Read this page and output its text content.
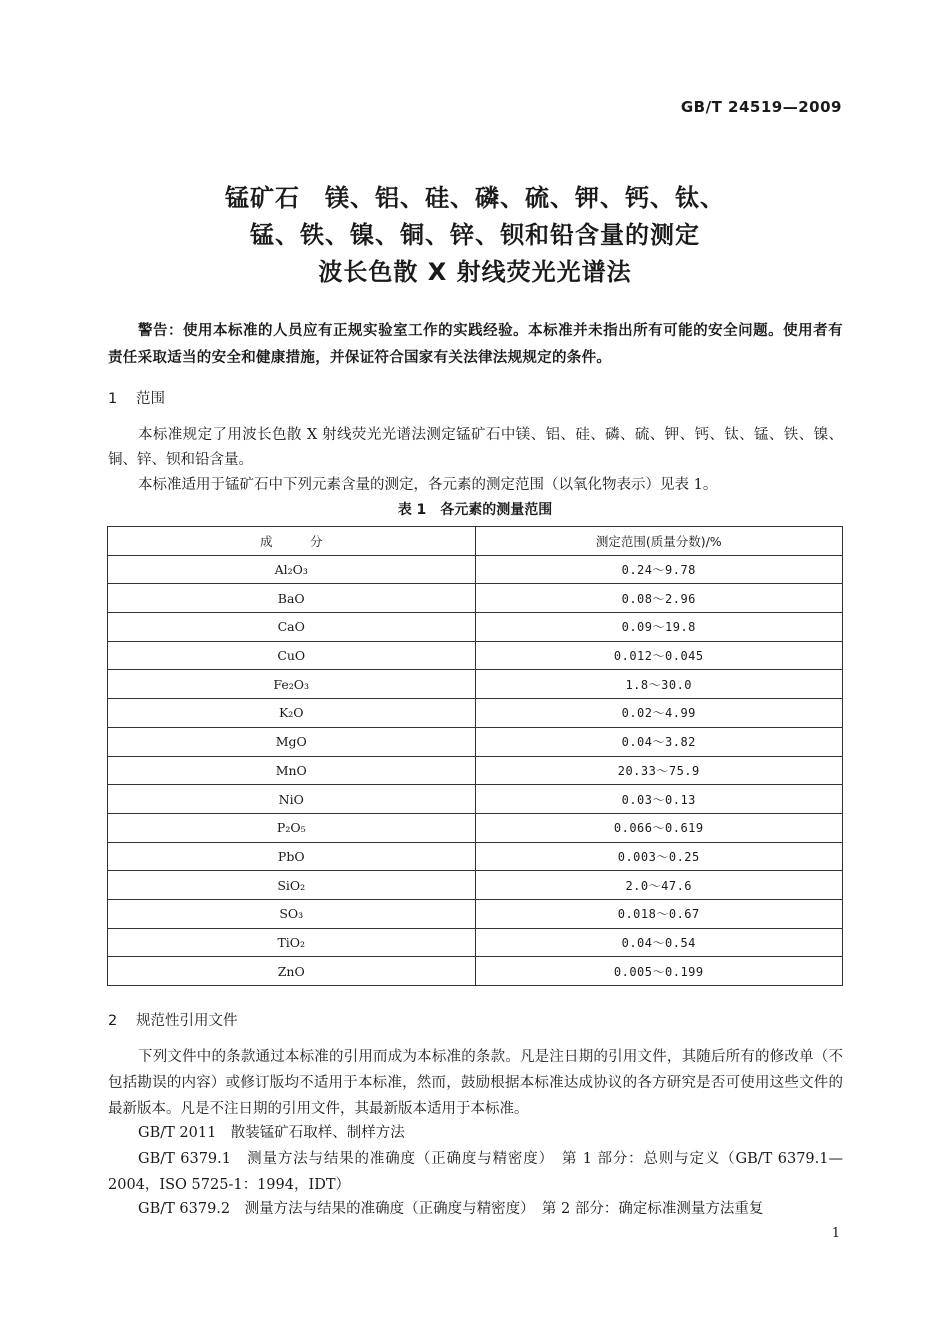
GB/T 24519—2009
锰矿石　镁、铝、硅、磷、硫、钾、钙、钛、
锰、铁、镍、铜、锌、钡和铅含量的测定
波长色散 X 射线荧光光谱法
警告：使用本标准的人员应有正规实验室工作的实践经验。本标准并未指出所有可能的安全问题。使用者有责任采取适当的安全和健康措施，并保证符合国家有关法律法规规定的条件。
1 范围
本标准规定了用波长色散 X 射线荧光光谱法测定锰矿石中镁、铝、硅、磷、硫、钾、钙、钛、锰、铁、镍、铜、锌、钡和铅含量。
本标准适用于锰矿石中下列元素含量的测定，各元素的测定范围（以氧化物表示）见表 1。
表 1　各元素的测量范围
成　　　分	测定范围(质量分数)/%
Al₂O₃	0.24～9.78
BaO	0.08～2.96
CaO	0.09～19.8
CuO	0.012～0.045
Fe₂O₃	1.8～30.0
K₂O	0.02～4.99
MgO	0.04～3.82
MnO	20.33～75.9
NiO	0.03～0.13
P₂O₅	0.066～0.619
PbO	0.003～0.25
SiO₂	2.0～47.6
SO₃	0.018～0.67
TiO₂	0.04～0.54
ZnO	0.005～0.199
2 规范性引用文件
下列文件中的条款通过本标准的引用而成为本标准的条款。凡是注日期的引用文件，其随后所有的修改单（不包括勘误的内容）或修订版均不适用于本标准，然而，鼓励根据本标准达成协议的各方研究是否可使用这些文件的最新版本。凡是不注日期的引用文件，其最新版本适用于本标准。
GB/T 2011　散装锰矿石取样、制样方法
GB/T 6379.1　测量方法与结果的准确度（正确度与精密度）　第 1 部分：总则与定义（GB/T 6379.1—2004，ISO 5725-1：1994，IDT）
GB/T 6379.2　测量方法与结果的准确度（正确度与精密度）　第 2 部分：确定标准测量方法重复
1
